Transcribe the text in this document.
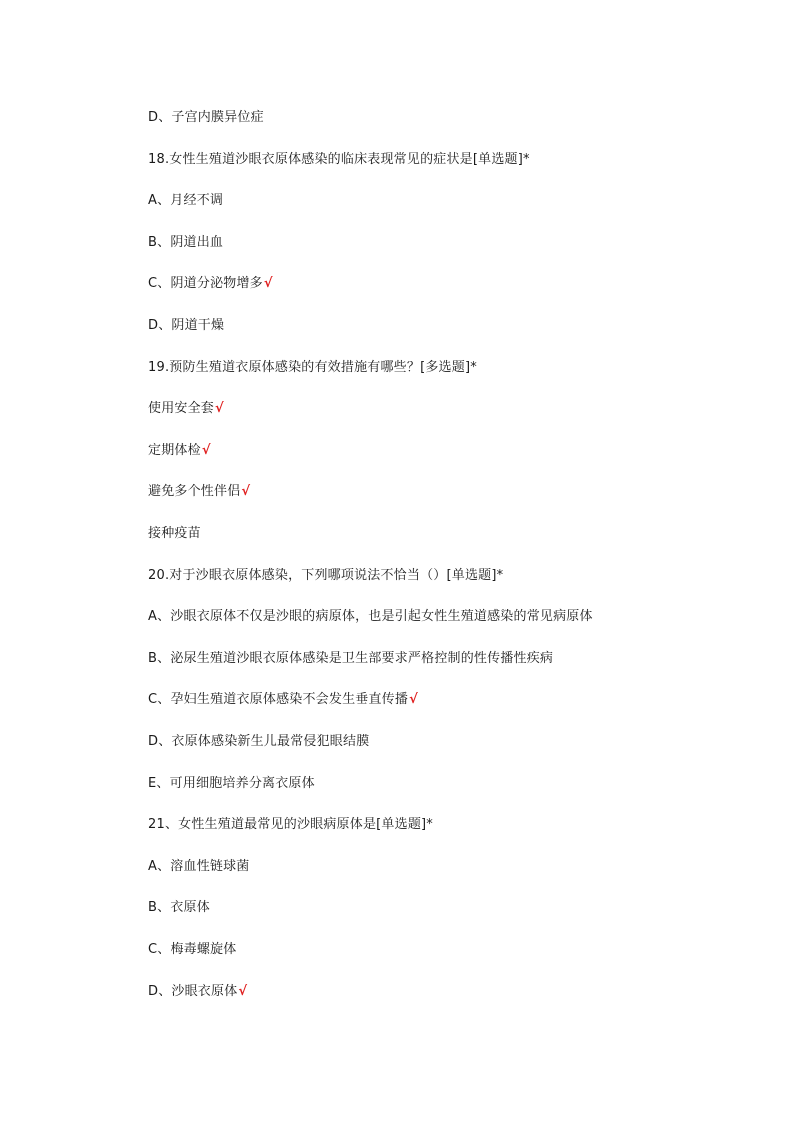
D、子宫内膜异位症
18.女性生殖道沙眼衣原体感染的临床表现常见的症状是[单选题]*
A、月经不调
B、阴道出血
C、阴道分泌物增多√
D、阴道干燥
19.预防生殖道衣原体感染的有效措施有哪些？[多选题]*
使用安全套√
定期体检√
避免多个性伴侣√
接种疫苗
20.对于沙眼衣原体感染，下列哪项说法不恰当（）[单选题]*
A、沙眼衣原体不仅是沙眼的病原体，也是引起女性生殖道感染的常见病原体
B、泌尿生殖道沙眼衣原体感染是卫生部要求严格控制的性传播性疾病
C、孕妇生殖道衣原体感染不会发生垂直传播√
D、衣原体感染新生儿最常侵犯眼结膜
E、可用细胞培养分离衣原体
21、女性生殖道最常见的沙眼病原体是[单选题]*
A、溶血性链球菌
B、衣原体
C、梅毒螺旋体
D、沙眼衣原体√
